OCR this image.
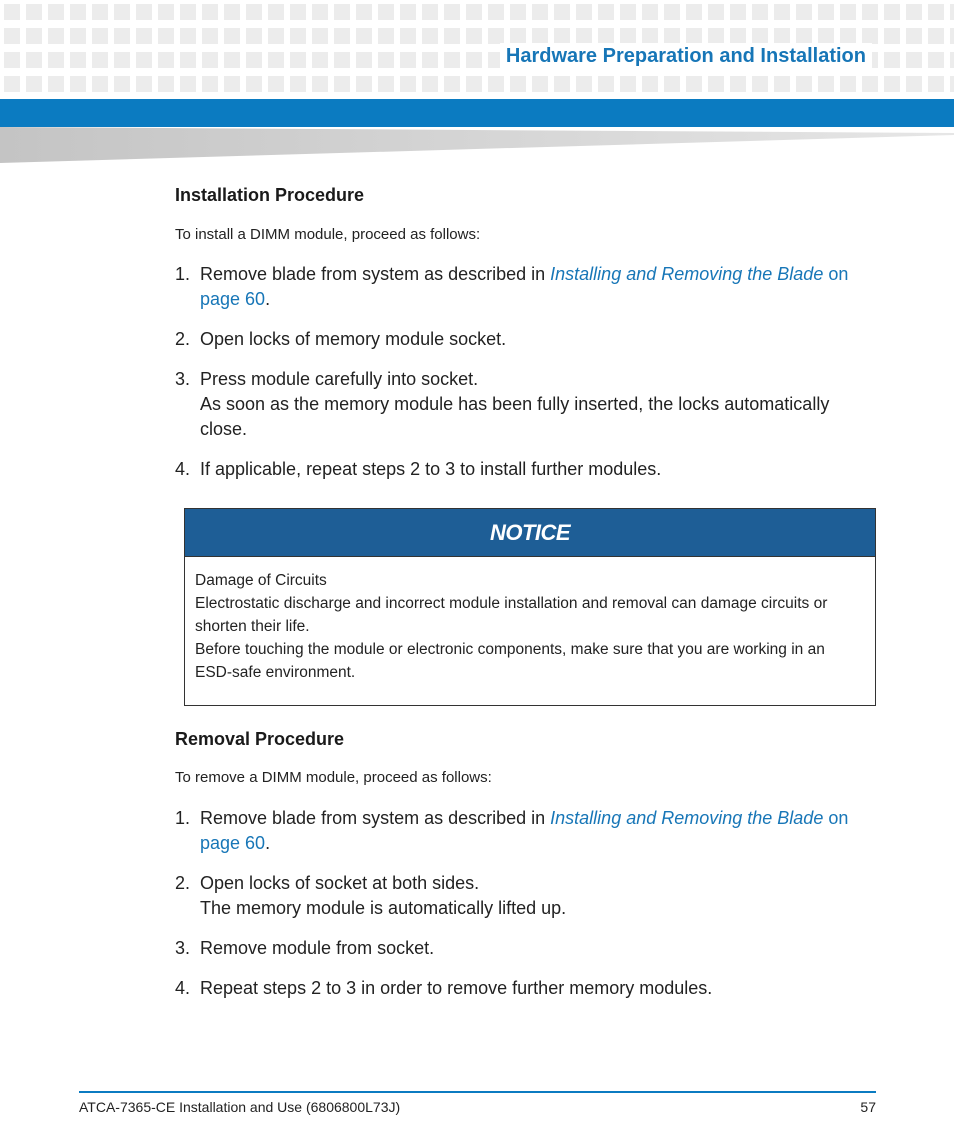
Hardware Preparation and Installation
Installation Procedure
To install a DIMM module, proceed as follows:
1. Remove blade from system as described in Installing and Removing the Blade on page 60.
2. Open locks of memory module socket.
3. Press module carefully into socket.
As soon as the memory module has been fully inserted, the locks automatically close.
4. If applicable, repeat steps 2 to 3 to install further modules.
NOTICE
Damage of Circuits
Electrostatic discharge and incorrect module installation and removal can damage circuits or shorten their life.
Before touching the module or electronic components, make sure that you are working in an ESD-safe environment.
Removal Procedure
To remove a DIMM module, proceed as follows:
1. Remove blade from system as described in Installing and Removing the Blade on page 60.
2. Open locks of socket at both sides.
The memory module is automatically lifted up.
3. Remove module from socket.
4. Repeat steps 2 to 3 in order to remove further memory modules.
ATCA-7365-CE Installation and Use (6806800L73J)	57
